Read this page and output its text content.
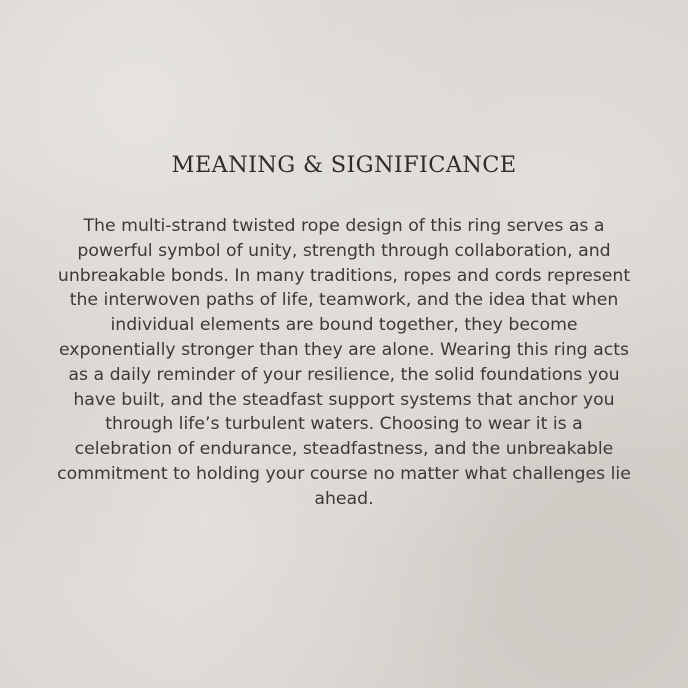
MEANING & SIGNIFICANCE

The multi-strand twisted rope design of this ring serves as a powerful symbol of unity, strength through collaboration, and unbreakable bonds. In many traditions, ropes and cords represent the interwoven paths of life, teamwork, and the idea that when individual elements are bound together, they become exponentially stronger than they are alone. Wearing this ring acts as a daily reminder of your resilience, the solid foundations you have built, and the steadfast support systems that anchor you through life’s turbulent waters. Choosing to wear it is a celebration of endurance, steadfastness, and the unbreakable commitment to holding your course no matter what challenges lie ahead.
